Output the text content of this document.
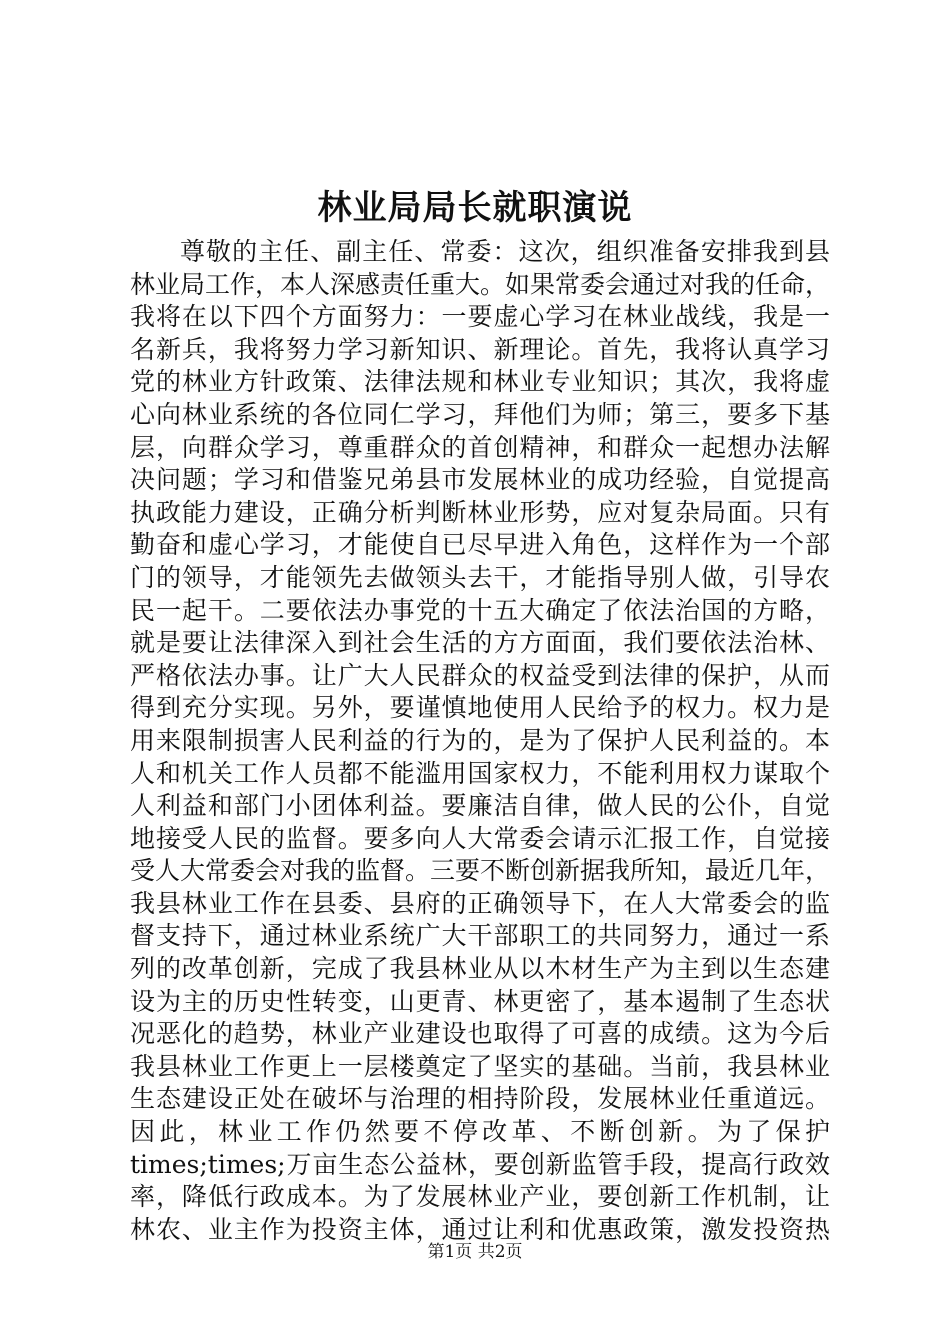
林业局局长就职演说
尊敬的主任、副主任、常委：这次，组织准备安排我到县
林业局工作，本人深感责任重大。如果常委会通过对我的任命，
我将在以下四个方面努力：一要虚心学习在林业战线，我是一
名新兵，我将努力学习新知识、新理论。首先，我将认真学习
党的林业方针政策、法律法规和林业专业知识；其次，我将虚
心向林业系统的各位同仁学习，拜他们为师；第三，要多下基
层，向群众学习，尊重群众的首创精神，和群众一起想办法解
决问题；学习和借鉴兄弟县市发展林业的成功经验，自觉提高
执政能力建设，正确分析判断林业形势，应对复杂局面。只有
勤奋和虚心学习，才能使自已尽早进入角色，这样作为一个部
门的领导，才能领先去做领头去干，才能指导别人做，引导农
民一起干。二要依法办事党的十五大确定了依法治国的方略，
就是要让法律深入到社会生活的方方面面，我们要依法治林、
严格依法办事。让广大人民群众的权益受到法律的保护，从而
得到充分实现。另外，要谨慎地使用人民给予的权力。权力是
用来限制损害人民利益的行为的，是为了保护人民利益的。本
人和机关工作人员都不能滥用国家权力，不能利用权力谋取个
人利益和部门小团体利益。要廉洁自律，做人民的公仆，自觉
地接受人民的监督。要多向人大常委会请示汇报工作，自觉接
受人大常委会对我的监督。三要不断创新据我所知，最近几年，
我县林业工作在县委、县府的正确领导下，在人大常委会的监
督支持下，通过林业系统广大干部职工的共同努力，通过一系
列的改革创新，完成了我县林业从以木材生产为主到以生态建
设为主的历史性转变，山更青、林更密了，基本遏制了生态状
况恶化的趋势，林业产业建设也取得了可喜的成绩。这为今后
我县林业工作更上一层楼奠定了坚实的基础。当前，我县林业
生态建设正处在破坏与治理的相持阶段，发展林业任重道远。
因此，林业工作仍然要不停改革、不断创新。为了保护
times;times;万亩生态公益林，要创新监管手段，提高行政效
率，降低行政成本。为了发展林业产业，要创新工作机制，让
林农、业主作为投资主体，通过让利和优惠政策，激发投资热
第1页 共2页
